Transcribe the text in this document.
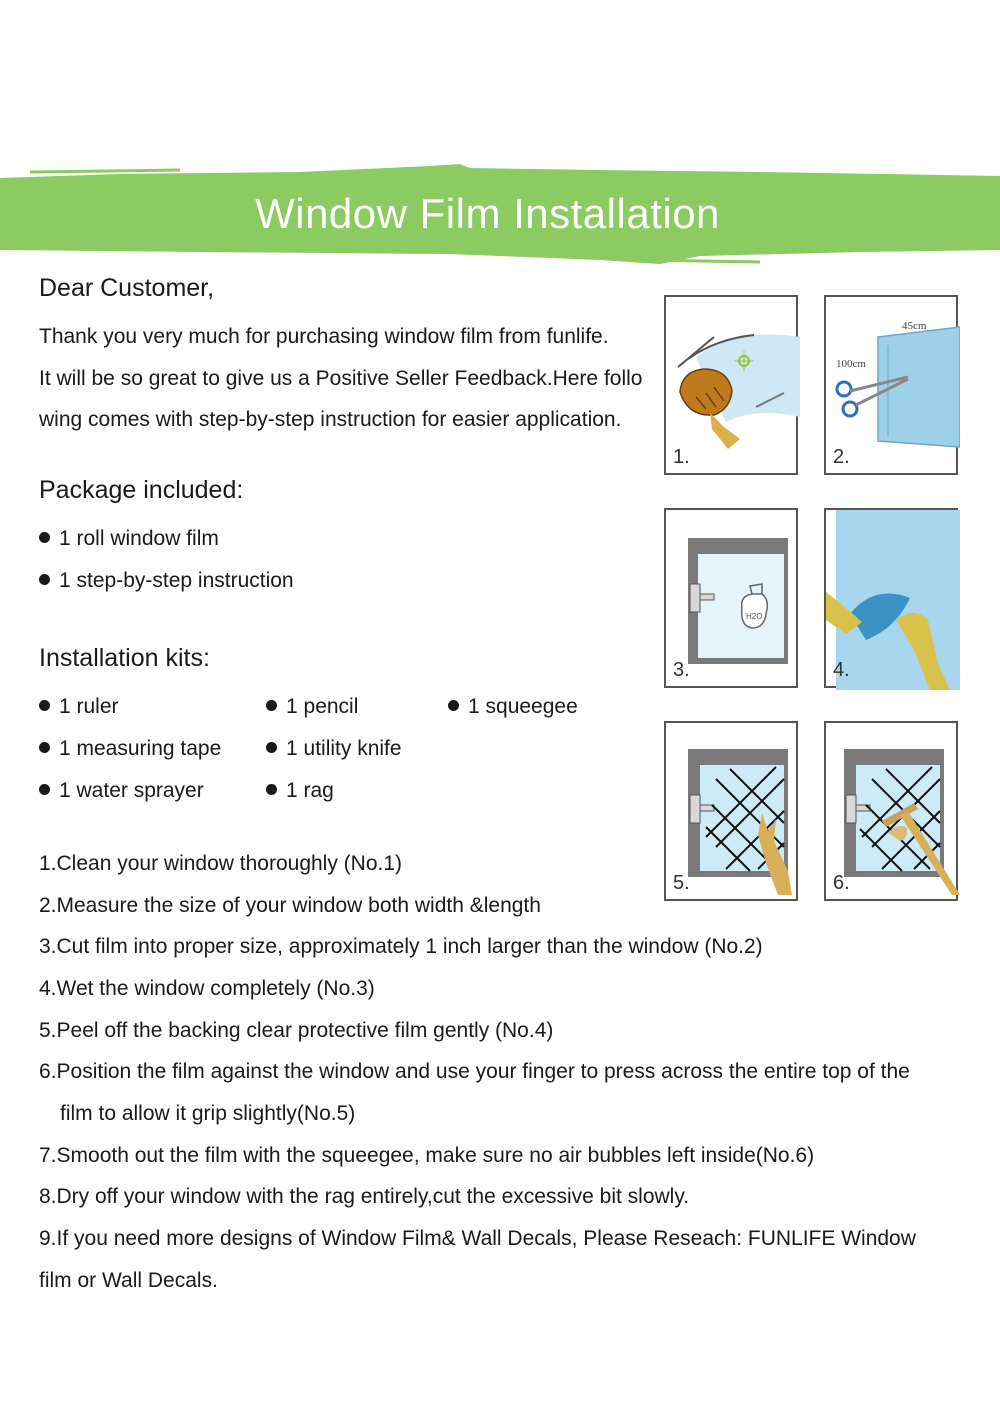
Window Film Installation
Dear Customer,
Thank you very much for purchasing window film from funlife.
It will be so great to give us a Positive Seller Feedback.Here follo
wing comes with step-by-step instruction for easier application.
Package included:
1 roll window film
1 step-by-step instruction
Installation kits:
1 ruler	1 pencil	1 squeegee
1 measuring tape	1 utility knife
1 water sprayer	1 rag
1.Clean your window thoroughly (No.1)
2.Measure the size of your window both width &length
3.Cut film into proper size, approximately 1 inch larger than the window (No.2)
4.Wet the window completely (No.3)
5.Peel off the backing clear protective film gently (No.4)
6.Position the film against the window and use your finger to press across the entire top of the
film to allow it grip slightly(No.5)
7.Smooth out the film with the squeegee, make sure no air bubbles left inside(No.6)
8.Dry off your window with the rag entirely,cut the excessive bit slowly.
9.If you need more designs of Window Film& Wall Decals, Please Reseach: FUNLIFE Window
film or Wall Decals.
1.
45cm
100cm
2.
H2O
3.	4.
5.	6.
